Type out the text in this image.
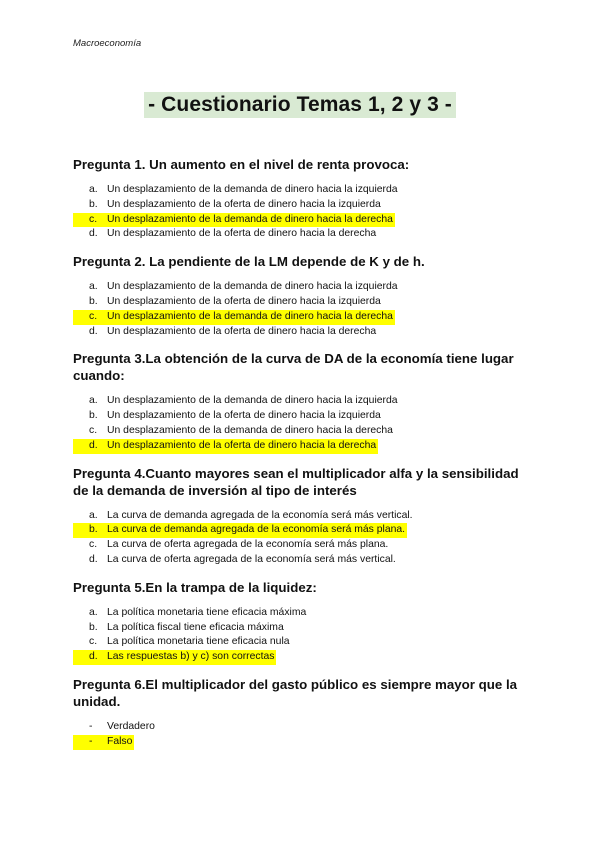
Macroeconomía
- Cuestionario Temas 1, 2 y 3 -
Pregunta 1. Un aumento en el nivel de renta provoca:
a. Un desplazamiento de la demanda de dinero hacia la izquierda
b. Un desplazamiento de la oferta de dinero hacia la izquierda
c. Un desplazamiento de la demanda de dinero hacia la derecha
d. Un desplazamiento de la oferta de dinero hacia la derecha
Pregunta 2. La pendiente de la LM depende de K y de h.
a. Un desplazamiento de la demanda de dinero hacia la izquierda
b. Un desplazamiento de la oferta de dinero hacia la izquierda
c. Un desplazamiento de la demanda de dinero hacia la derecha
d. Un desplazamiento de la oferta de dinero hacia la derecha
Pregunta 3.La obtención de la curva de DA de la economía tiene lugar cuando:
a. Un desplazamiento de la demanda de dinero hacia la izquierda
b. Un desplazamiento de la oferta de dinero hacia la izquierda
c. Un desplazamiento de la demanda de dinero hacia la derecha
d. Un desplazamiento de la oferta de dinero hacia la derecha
Pregunta 4.Cuanto mayores sean el multiplicador alfa y la sensibilidad de la demanda de inversión al tipo de interés
a. La curva de demanda agregada de la economía será más vertical.
b. La curva de demanda agregada de la economía será más plana.
c. La curva de oferta agregada de la economía será más plana.
d. La curva de oferta agregada de la economía será más vertical.
Pregunta 5.En la trampa de la liquidez:
a. La política monetaria tiene eficacia máxima
b. La política fiscal tiene eficacia máxima
c. La política monetaria tiene eficacia nula
d. Las respuestas b) y c) son correctas
Pregunta 6.El multiplicador del gasto público es siempre mayor que la unidad.
-	Verdadero
-	Falso
